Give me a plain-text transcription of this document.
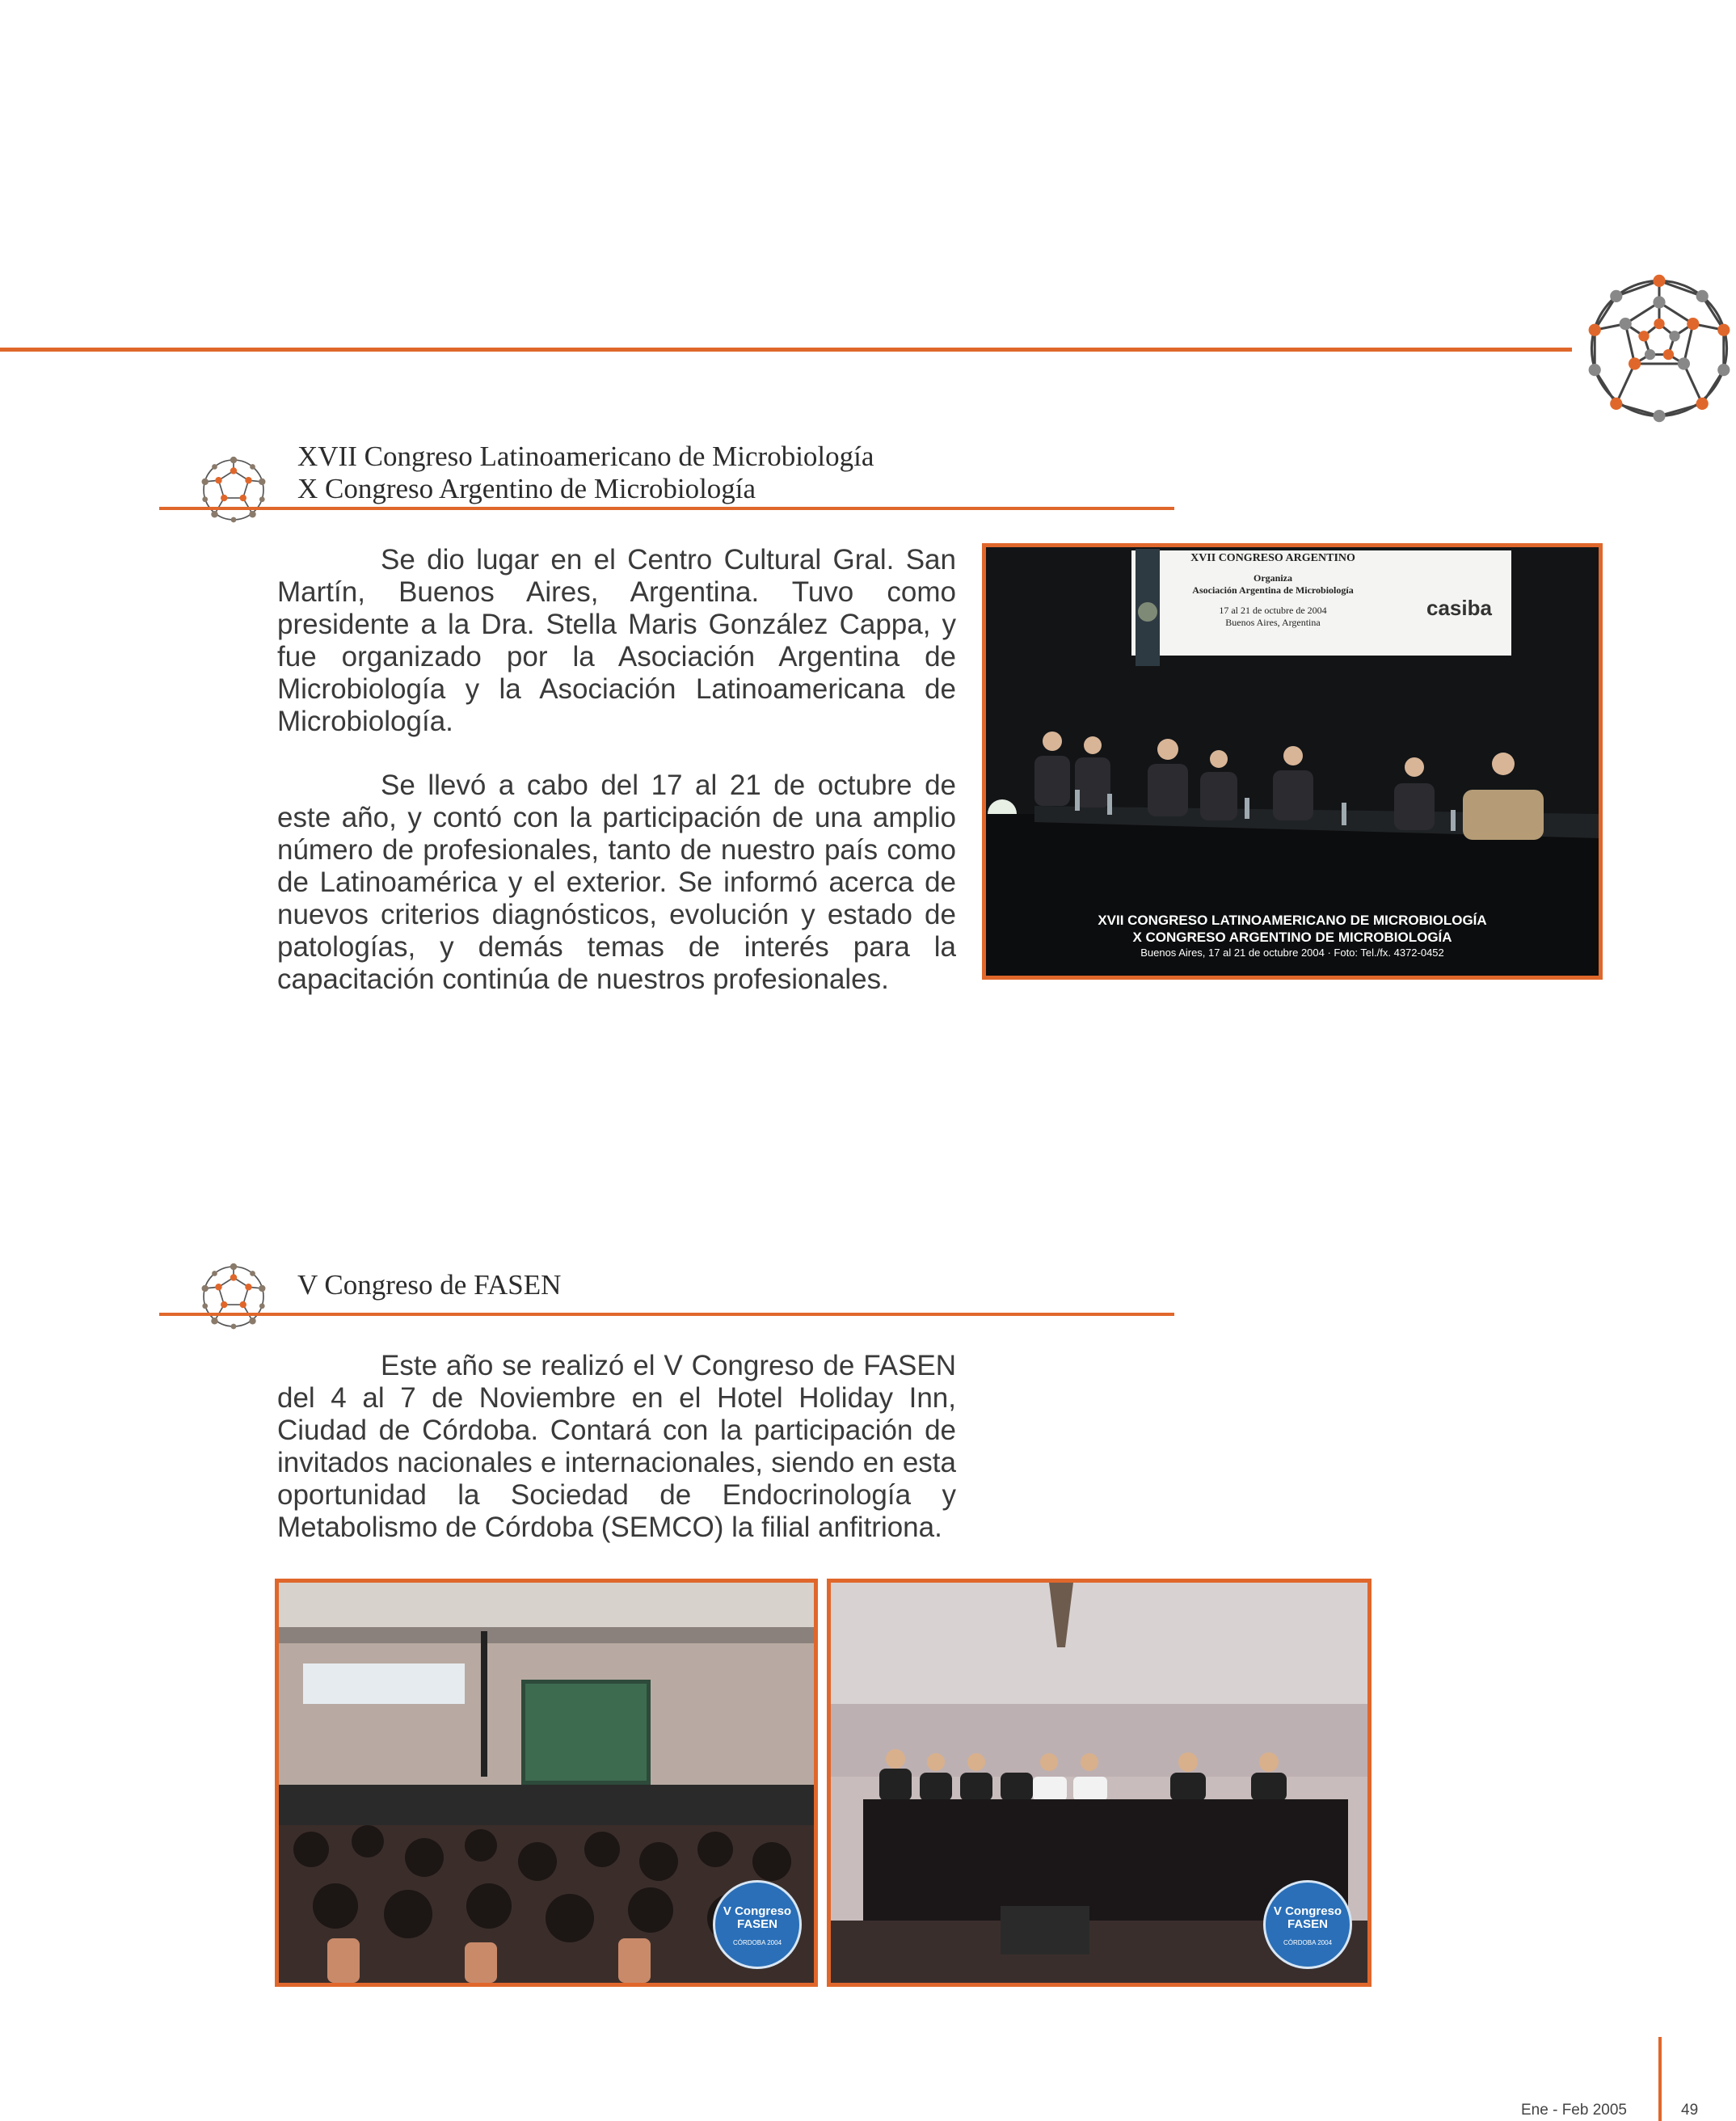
XVII Congreso Latinoamericano de Microbiología
X Congreso Argentino de Microbiología
Se dio lugar en el Centro Cultural Gral. San Martín, Buenos Aires, Argentina. Tuvo como presidente a la Dra. Stella Maris González Cappa, y fue organizado por la Asociación Argentina de Microbiología y la Asociación Latinoamericana de Microbiología.
Se llevó a cabo del 17 al 21 de octubre de este año, y contó con la participación de una amplio número de profesionales, tanto de nuestro país como de Latinoamérica y el exterior. Se informó acerca de nuevos criterios diagnósticos, evolución y estado de patologías, y demás temas de interés para la capacitación continúa de nuestros profesionales.
XVII CONGRESO ARGENTINO
Organiza
Asociación Argentina de Microbiología
17 al 21 de octubre de 2004
Buenos Aires, Argentina
casiba
XVII CONGRESO LATINOAMERICANO DE MICROBIOLOGÍA
X CONGRESO ARGENTINO DE MICROBIOLOGÍA
Buenos Aires, 17 al 21 de octubre 2004 · Foto: Tel./fx. 4372-0452
V Congreso de FASEN
Este año se realizó el V Congreso de FASEN del 4 al 7 de Noviembre en el Hotel Holiday Inn, Ciudad de Córdoba. Contará con la participación de invitados nacionales e internacionales, siendo en esta oportunidad la Sociedad de Endocrinología y Metabolismo de Córdoba (SEMCO) la filial anfitriona.
V Congreso
FASEN
CÓRDOBA 2004
V Congreso
FASEN
CÓRDOBA 2004
Ene - Feb 2005	49
